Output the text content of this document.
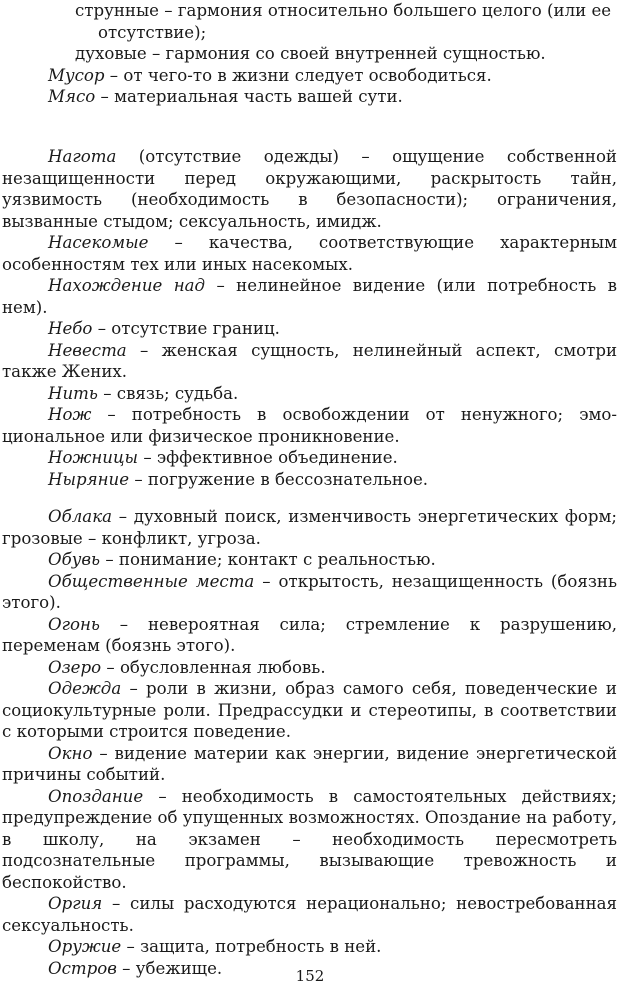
струнные – гармония относительно большего целого (или ее
отсутствие);
духовые – гармония со своей внутренней сущностью.

Мусор – от чего-то в жизни следует освободиться.

Мясо – материальная часть вашей сути.

Нагота (отсутствие одежды) – ощущение собственной незащищенности перед окружающими, раскрытость тайн, уязвимость (необходимость в безопасности); ограничения, вызванные стыдом; сексуальность, имидж.

Насекомые – качества, соответствующие характерным особенностям тех или иных насекомых.

Нахождение над – нелинейное видение (или потребность в нем).

Небо – отсутствие границ.

Невеста – женская сущность, нелинейный аспект, смотри также Жених.

Нить – связь; судьба.

Нож – потребность в освобождении от ненужного; эмоциональное или физическое проникновение.

Ножницы – эффективное объединение.

Ныряние – погружение в бессознательное.

Облака – духовный поиск, изменчивость энергетических форм; грозовые – конфликт, угроза.

Обувь – понимание; контакт с реальностью.

Общественные места – открытость, незащищенность (боязнь этого).

Огонь – невероятная сила; стремление к разрушению, переменам (боязнь этого).

Озеро – обусловленная любовь.

Одежда – роли в жизни, образ самого себя, поведенческие и социокультурные роли. Предрассудки и стереотипы, в соответствии с которыми строится поведение.

Окно – видение материи как энергии, видение энергетической причины событий.

Опоздание – необходимость в самостоятельных действиях; предупреждение об упущенных возможностях. Опоздание на работу, в школу, на экзамен – необходимость пересмотреть подсознательные программы, вызывающие тревожность и беспокойство.

Оргия – силы расходуются нерационально; невостребованная сексуальность.

Оружие – защита, потребность в ней.

Остров – убежище.	152
